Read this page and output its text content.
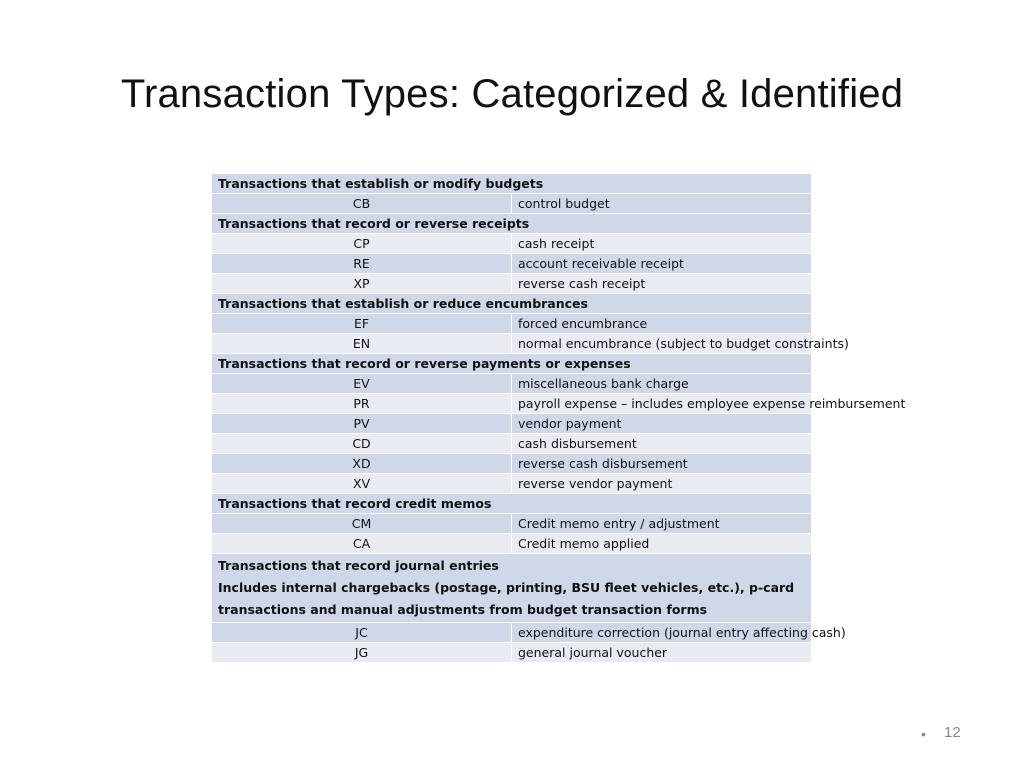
Transaction Types: Categorized & Identified
Transactions that establish or modify budgets	

CB	control budget

Transactions that record or reverse receipts	

CP	cash receipt
RE	account receivable receipt
XP	reverse cash receipt

Transactions that establish or reduce encumbrances	

EF	forced encumbrance
EN	normal encumbrance (subject to budget constraints)

Transactions that record or reverse payments or expenses	

EV	miscellaneous bank charge
PR	payroll expense – includes employee expense reimbursement
PV	vendor payment
CD	cash disbursement
XD	reverse cash disbursement
XV	reverse vendor payment

Transactions that record credit memos	

CM	Credit memo entry / adjustment
CA	Credit memo applied

Transactions that record journal entries
Includes internal chargebacks (postage, printing, BSU fleet vehicles, etc.), p-card
transactions and manual adjustments from budget transaction forms	

JC	expenditure correction (journal entry affecting cash)
JG	general journal voucher
• 12
